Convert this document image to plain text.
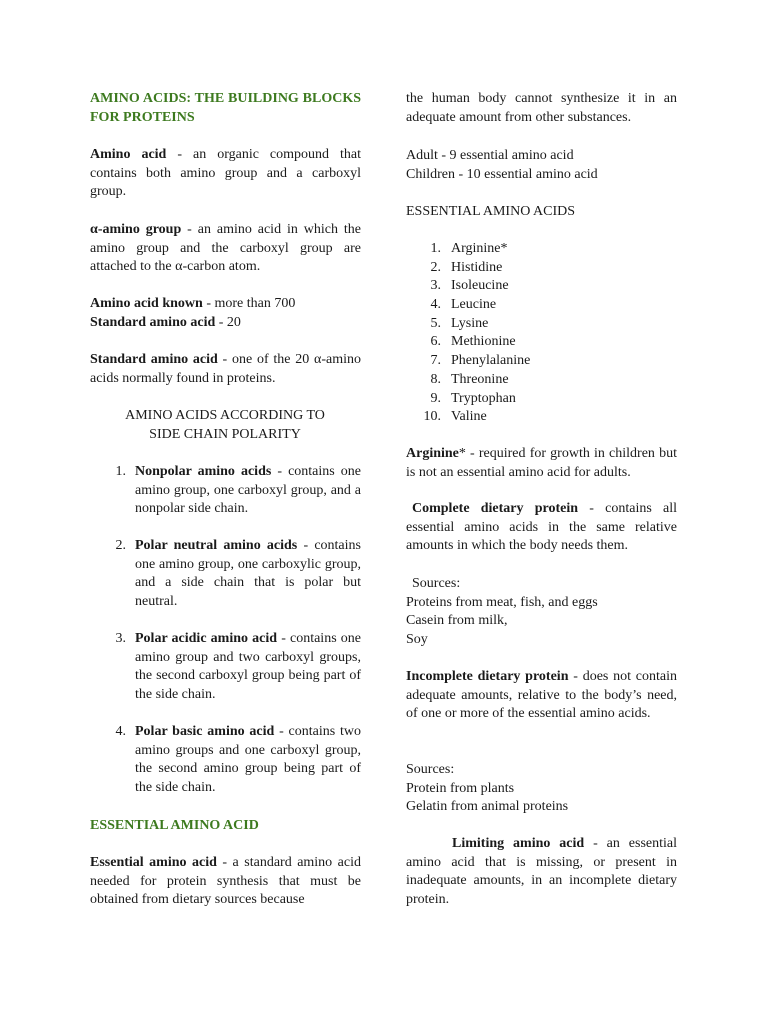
AMINO ACIDS: THE BUILDING BLOCKS FOR PROTEINS
Amino acid - an organic compound that contains both amino group and a carboxyl group.
α-amino group - an amino acid in which the amino group and the carboxyl group are attached to the α-carbon atom.
Amino acid known - more than 700
Standard amino acid - 20
Standard amino acid - one of the 20 α-amino acids normally found in proteins.
AMINO ACIDS ACCORDING TO
SIDE CHAIN POLARITY
1. Nonpolar amino acids - contains one amino group, one carboxyl group, and a nonpolar side chain.
2. Polar neutral amino acids - contains one amino group, one carboxylic group, and a side chain that is polar but neutral.
3. Polar acidic amino acid - contains one amino group and two carboxyl groups, the second carboxyl group being part of the side chain.
4. Polar basic amino acid - contains two amino groups and one carboxyl group, the second amino group being part of the side chain.
ESSENTIAL AMINO ACID
Essential amino acid - a standard amino acid needed for protein synthesis that must be obtained from dietary sources because
the human body cannot synthesize it in an adequate amount from other substances.
Adult - 9 essential amino acid
Children - 10 essential amino acid
ESSENTIAL AMINO ACIDS
1. Arginine*
2. Histidine
3. Isoleucine
4. Leucine
5. Lysine
6. Methionine
7. Phenylalanine
8. Threonine
9. Tryptophan
10. Valine
Arginine* - required for growth in children but is not an essential amino acid for adults.
Complete dietary protein - contains all essential amino acids in the same relative amounts in which the body needs them.
Sources:
Proteins from meat, fish, and eggs
Casein from milk,
Soy
Incomplete dietary protein - does not contain adequate amounts, relative to the body’s need, of one or more of the essential amino acids.
Sources:
Protein from plants
Gelatin from animal proteins
Limiting amino acid - an essential amino acid that is missing, or present in inadequate amounts, in an incomplete dietary protein.
